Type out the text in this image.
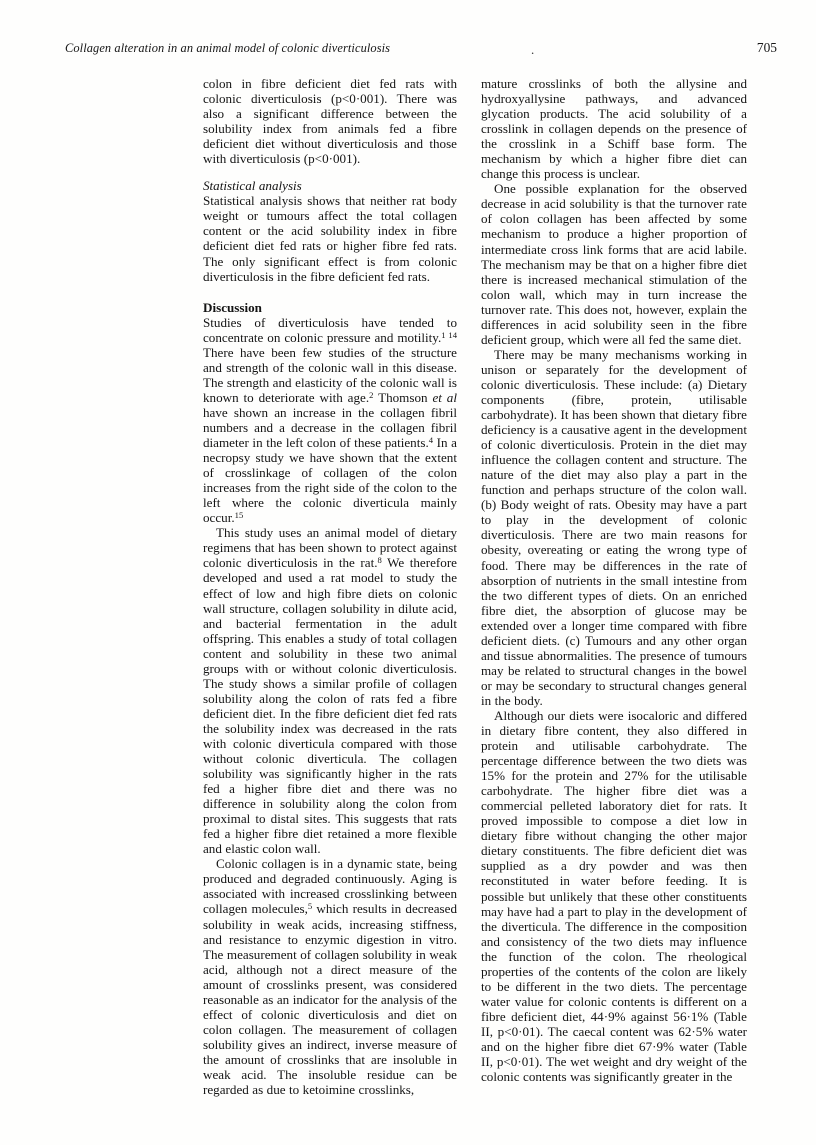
Collagen alteration in an animal model of colonic diverticulosis	705
.
colon in fibre deficient diet fed rats with colonic diverticulosis (p<0·001). There was also a significant difference between the solubility index from animals fed a fibre deficient diet without diverticulosis and those with diverticulosis (p<0·001).
Statistical analysis
Statistical analysis shows that neither rat body weight or tumours affect the total collagen content or the acid solubility index in fibre deficient diet fed rats or higher fibre fed rats. The only significant effect is from colonic diverticulosis in the fibre deficient fed rats.
Discussion
Studies of diverticulosis have tended to concentrate on colonic pressure and motility.$^{1 14}$ There have been few studies of the structure and strength of the colonic wall in this disease. The strength and elasticity of the colonic wall is known to deteriorate with age.$^2$ Thomson et al have shown an increase in the collagen fibril numbers and a decrease in the collagen fibril diameter in the left colon of these patients.$^4$ In a necropsy study we have shown that the extent of crosslinkage of collagen of the colon increases from the right side of the colon to the left where the colonic diverticula mainly occur.$^{15}$
This study uses an animal model of dietary regimens that has been shown to protect against colonic diverticulosis in the rat.$^8$ We therefore developed and used a rat model to study the effect of low and high fibre diets on colonic wall structure, collagen solubility in dilute acid, and bacterial fermentation in the adult offspring. This enables a study of total collagen content and solubility in these two animal groups with or without colonic diverticulosis. The study shows a similar profile of collagen solubility along the colon of rats fed a fibre deficient diet. In the fibre deficient diet fed rats the solubility index was decreased in the rats with colonic diverticula compared with those without colonic diverticula. The collagen solubility was significantly higher in the rats fed a higher fibre diet and there was no difference in solubility along the colon from proximal to distal sites. This suggests that rats fed a higher fibre diet retained a more flexible and elastic colon wall.
Colonic collagen is in a dynamic state, being produced and degraded continuously. Aging is associated with increased crosslinking between collagen molecules,$^5$ which results in decreased solubility in weak acids, increasing stiffness, and resistance to enzymic digestion in vitro. The measurement of collagen solubility in weak acid, although not a direct measure of the amount of crosslinks present, was considered reasonable as an indicator for the analysis of the effect of colonic diverticulosis and diet on colon collagen. The measurement of collagen solubility gives an indirect, inverse measure of the amount of crosslinks that are insoluble in weak acid. The insoluble residue can be regarded as due to ketoimine crosslinks,
mature crosslinks of both the allysine and hydroxyallysine pathways, and advanced glycation products. The acid solubility of a crosslink in collagen depends on the presence of the crosslink in a Schiff base form. The mechanism by which a higher fibre diet can change this process is unclear.
One possible explanation for the observed decrease in acid solubility is that the turnover rate of colon collagen has been affected by some mechanism to produce a higher proportion of intermediate cross link forms that are acid labile. The mechanism may be that on a higher fibre diet there is increased mechanical stimulation of the colon wall, which may in turn increase the turnover rate. This does not, however, explain the differences in acid solubility seen in the fibre deficient group, which were all fed the same diet.
There may be many mechanisms working in unison or separately for the development of colonic diverticulosis. These include: (a) Dietary components (fibre, protein, utilisable carbohydrate). It has been shown that dietary fibre deficiency is a causative agent in the development of colonic diverticulosis. Protein in the diet may influence the collagen content and structure. The nature of the diet may also play a part in the function and perhaps structure of the colon wall. (b) Body weight of rats. Obesity may have a part to play in the development of colonic diverticulosis. There are two main reasons for obesity, overeating or eating the wrong type of food. There may be differences in the rate of absorption of nutrients in the small intestine from the two different types of diets. On an enriched fibre diet, the absorption of glucose may be extended over a longer time compared with fibre deficient diets. (c) Tumours and any other organ and tissue abnormalities. The presence of tumours may be related to structural changes in the bowel or may be secondary to structural changes general in the body.
Although our diets were isocaloric and differed in dietary fibre content, they also differed in protein and utilisable carbohydrate. The percentage difference between the two diets was 15% for the protein and 27% for the utilisable carbohydrate. The higher fibre diet was a commercial pelleted laboratory diet for rats. It proved impossible to compose a diet low in dietary fibre without changing the other major dietary constituents. The fibre deficient diet was supplied as a dry powder and was then reconstituted in water before feeding. It is possible but unlikely that these other constituents may have had a part to play in the development of the diverticula. The difference in the composition and consistency of the two diets may influence the function of the colon. The rheological properties of the contents of the colon are likely to be different in the two diets. The percentage water value for colonic contents is different on a fibre deficient diet, 44·9% against 56·1% (Table II, p<0·01). The caecal content was 62·5% water and on the higher fibre diet 67·9% water (Table II, p<0·01). The wet weight and dry weight of the colonic contents was significantly greater in the
